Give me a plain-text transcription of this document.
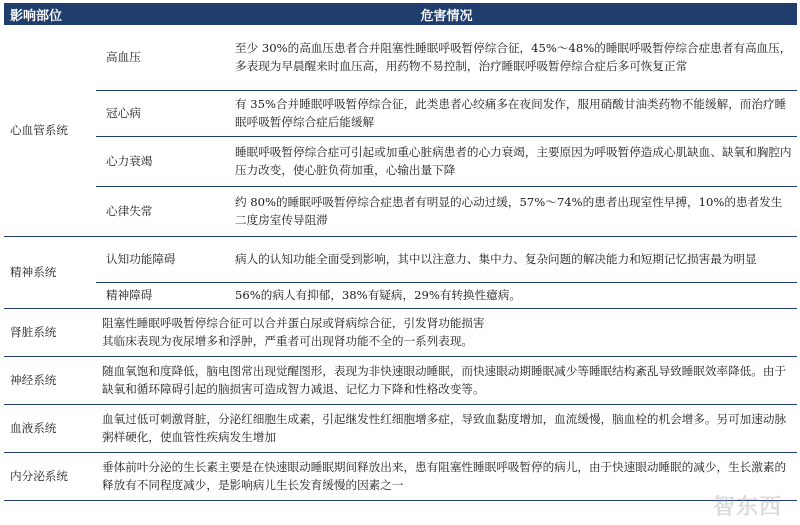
影响部位	危害情况	
心血管系统	高血压	至少 30%的高血压患者合并阻塞性睡眠呼吸暂停综合征，45%～48%的睡眠呼吸暂停综合症患者有高血压，多表现为早晨醒来时血压高，用药物不易控制，治疗睡眠呼吸暂停综合症后多可恢复正常
	冠心病	有 35%合并睡眠呼吸暂停综合征，此类患者心绞痛多在夜间发作，服用硝酸甘油类药物不能缓解，而治疗睡眠呼吸暂停综合症后能缓解
	心力衰竭	睡眠呼吸暂停综合症可引起或加重心脏病患者的心力衰竭，主要原因为呼吸暂停造成心肌缺血、缺氧和胸腔内压力改变，使心脏负荷加重，心输出量下降
	心律失常	约 80%的睡眠呼吸暂停综合症患者有明显的心动过缓，57%～74%的患者出现室性早搏，10%的患者发生二度房室传导阻滞
精神系统	认知功能障碍	病人的认知功能全面受到影响，其中以注意力、集中力、复杂问题的解决能力和短期记忆损害最为明显
	精神障碍	56%的病人有抑郁，38%有疑病，29%有转换性癔病。
肾脏系统	阻塞性睡眠呼吸暂停综合征可以合并蛋白尿或肾病综合征，引发肾功能损害
其临床表现为夜尿增多和浮肿，严重者可出现肾功能不全的一系列表现。	
神经系统	随血氧饱和度降低，脑电图常出现觉醒图形，表现为非快速眼动睡眠，而快速眼动期睡眠减少等睡眠结构紊乱导致睡眠效率降低。由于缺氧和循环障碍引起的脑损害可造成智力减退、记忆力下降和性格改变等。	
血液系统	血氧过低可刺激肾脏，分泌红细胞生成素，引起继发性红细胞增多症，导致血黏度增加，血流缓慢，脑血栓的机会增多。另可加速动脉粥样硬化，使血管性疾病发生增加	
内分泌系统	垂体前叶分泌的生长素主要是在快速眼动睡眠期间释放出来，患有阻塞性睡眠呼吸暂停的病儿，由于快速眼动睡眠的减少，生长激素的释放有不同程度减少，是影响病儿生长发育缓慢的因素之一	
智东西
